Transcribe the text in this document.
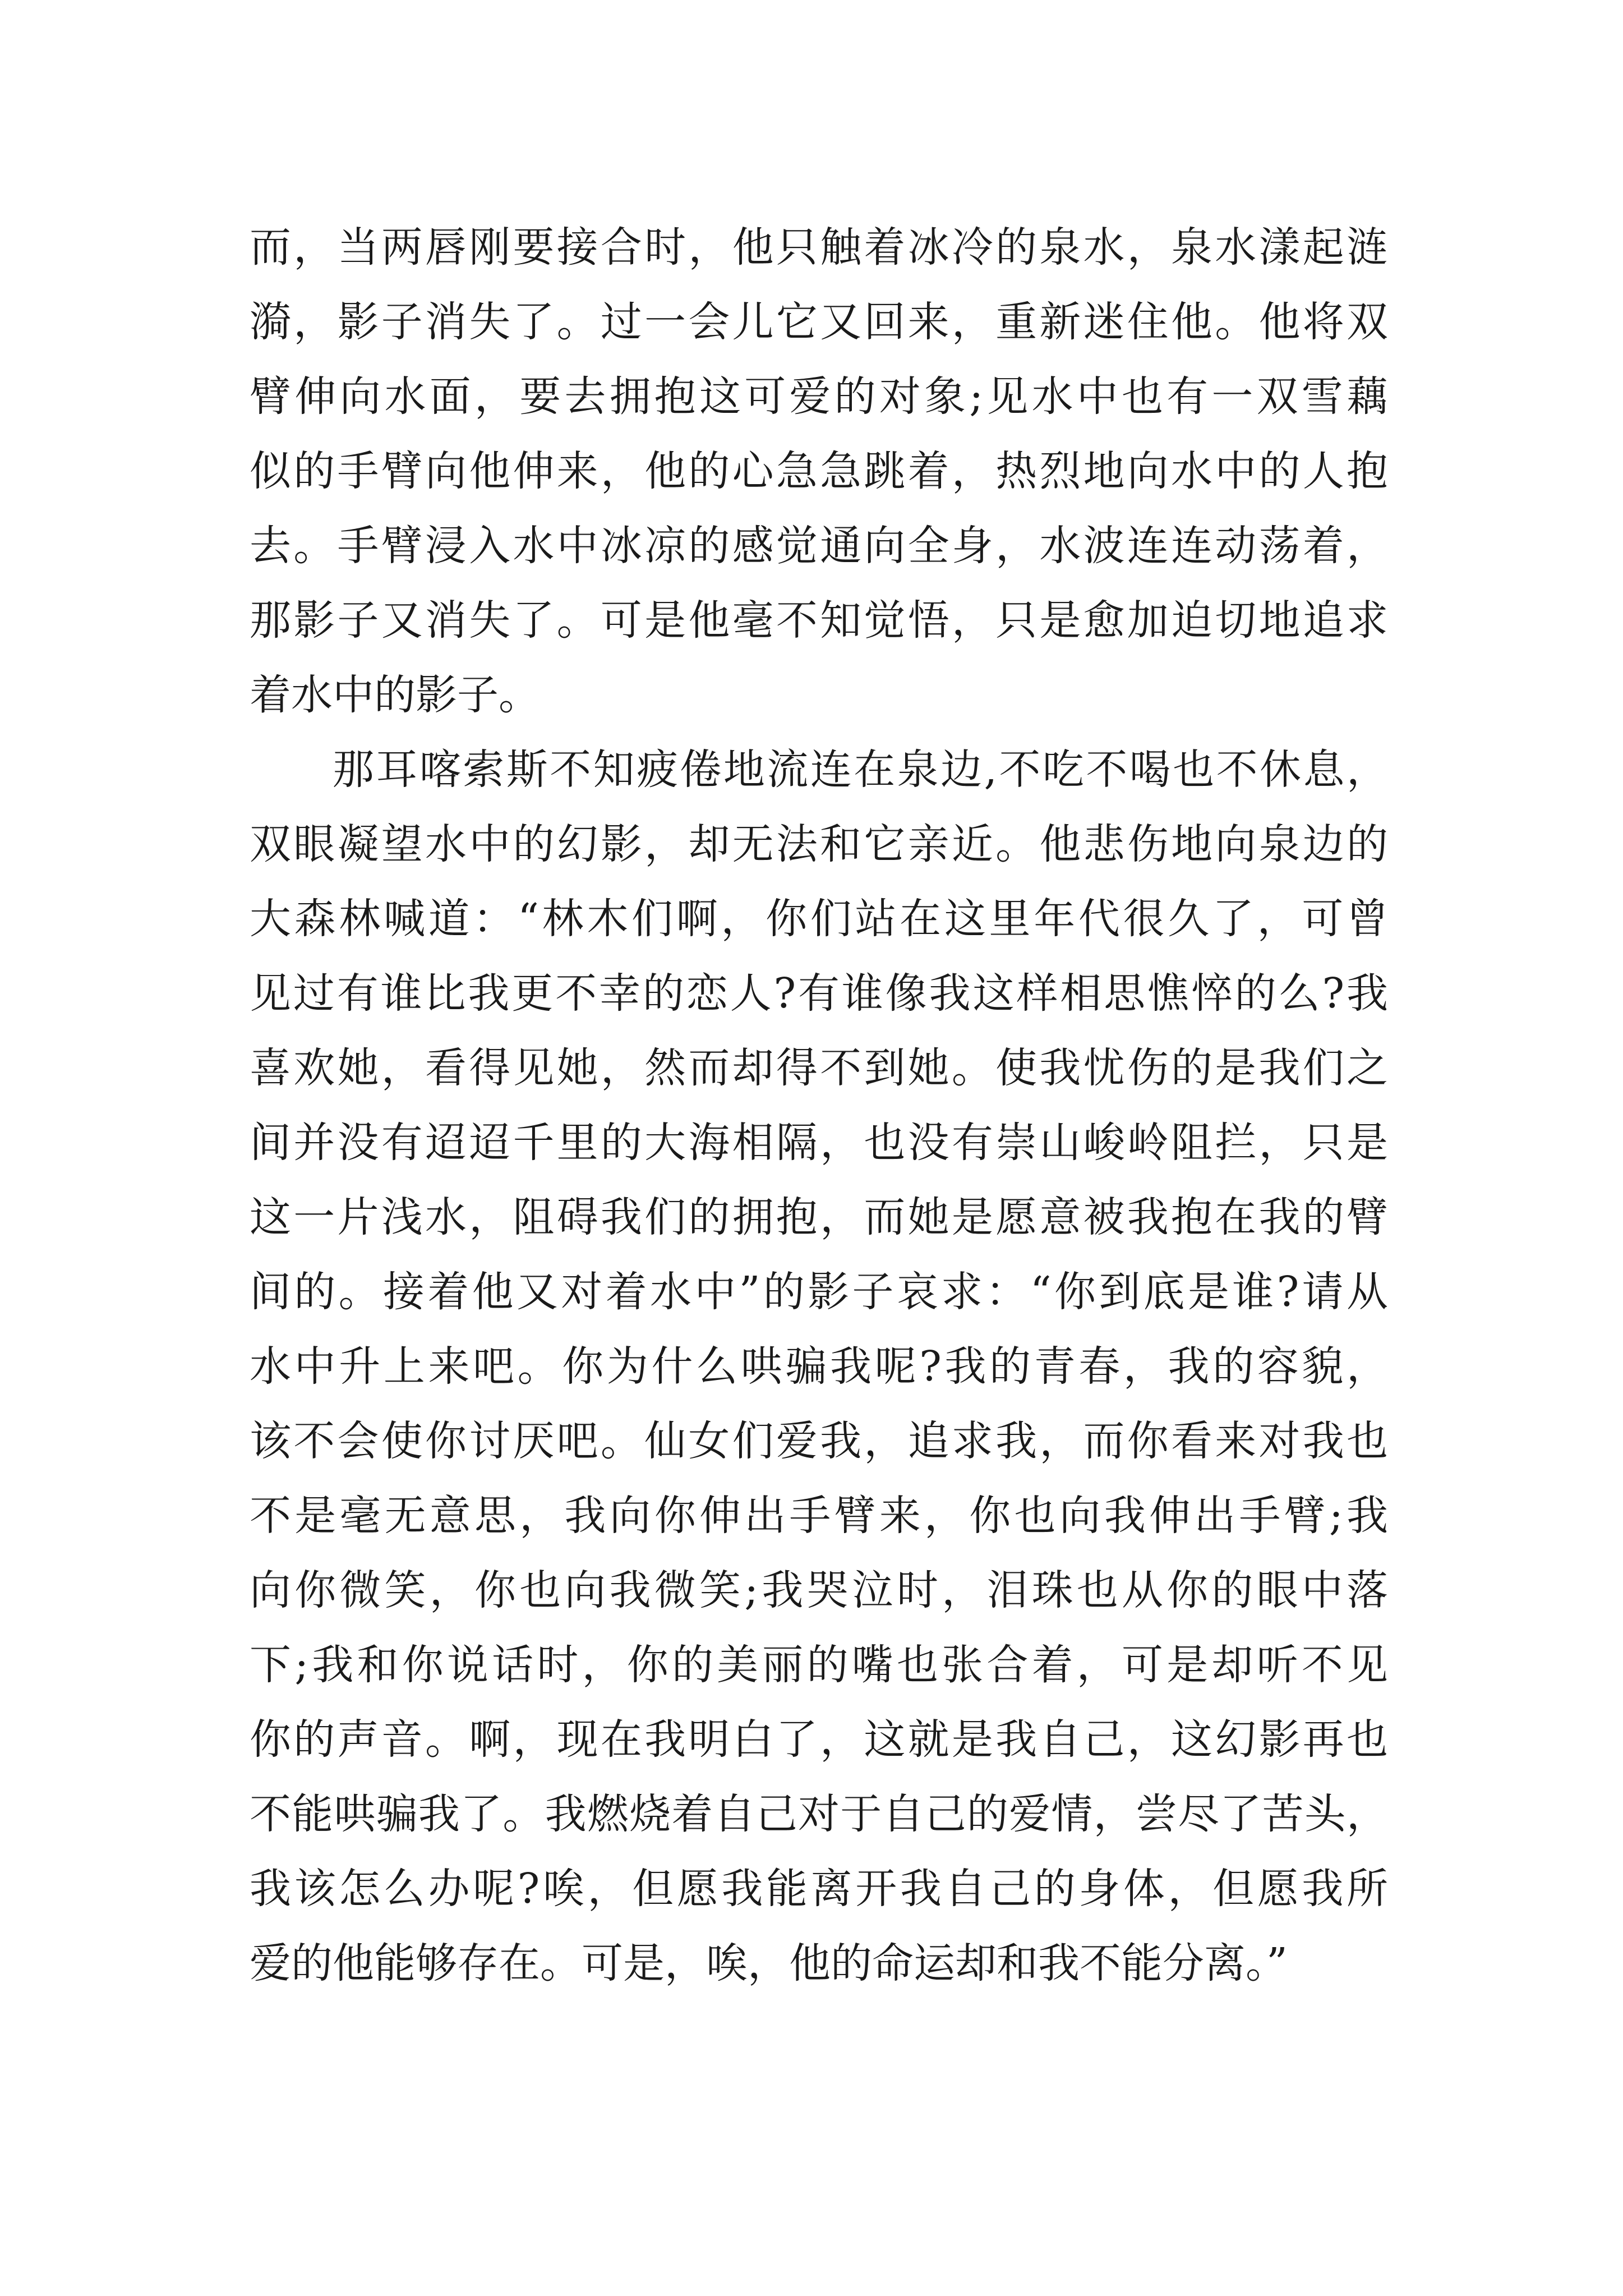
而，当两唇刚要接合时，他只触着冰冷的泉水，泉水漾起涟
漪，影子消失了。过一会儿它又回来，重新迷住他。他将双
臂伸向水面，要去拥抱这可爱的对象;见水中也有一双雪藕
似的手臂向他伸来，他的心急急跳着，热烈地向水中的人抱
去。手臂浸入水中冰凉的感觉通向全身，水波连连动荡着，
那影子又消失了。可是他毫不知觉悟，只是愈加迫切地追求
着水中的影子。
那耳喀索斯不知疲倦地流连在泉边,不吃不喝也不休息，
双眼凝望水中的幻影，却无法和它亲近。他悲伤地向泉边的
大森林喊道：“林木们啊，你们站在这里年代很久了，可曾
见过有谁比我更不幸的恋人?有谁像我这样相思憔悴的么?我
喜欢她，看得见她，然而却得不到她。使我忧伤的是我们之
间并没有迢迢千里的大海相隔，也没有崇山峻岭阻拦，只是
这一片浅水，阻碍我们的拥抱，而她是愿意被我抱在我的臂
间的。接着他又对着水中”的影子哀求：“你到底是谁?请从
水中升上来吧。你为什么哄骗我呢?我的青春，我的容貌，
该不会使你讨厌吧。仙女们爱我，追求我，而你看来对我也
不是毫无意思，我向你伸出手臂来，你也向我伸出手臂;我
向你微笑，你也向我微笑;我哭泣时，泪珠也从你的眼中落
下;我和你说话时，你的美丽的嘴也张合着，可是却听不见
你的声音。啊，现在我明白了，这就是我自己，这幻影再也
不能哄骗我了。我燃烧着自己对于自己的爱情，尝尽了苦头，
我该怎么办呢?唉，但愿我能离开我自己的身体，但愿我所
爱的他能够存在。可是，唉，他的命运却和我不能分离。”
